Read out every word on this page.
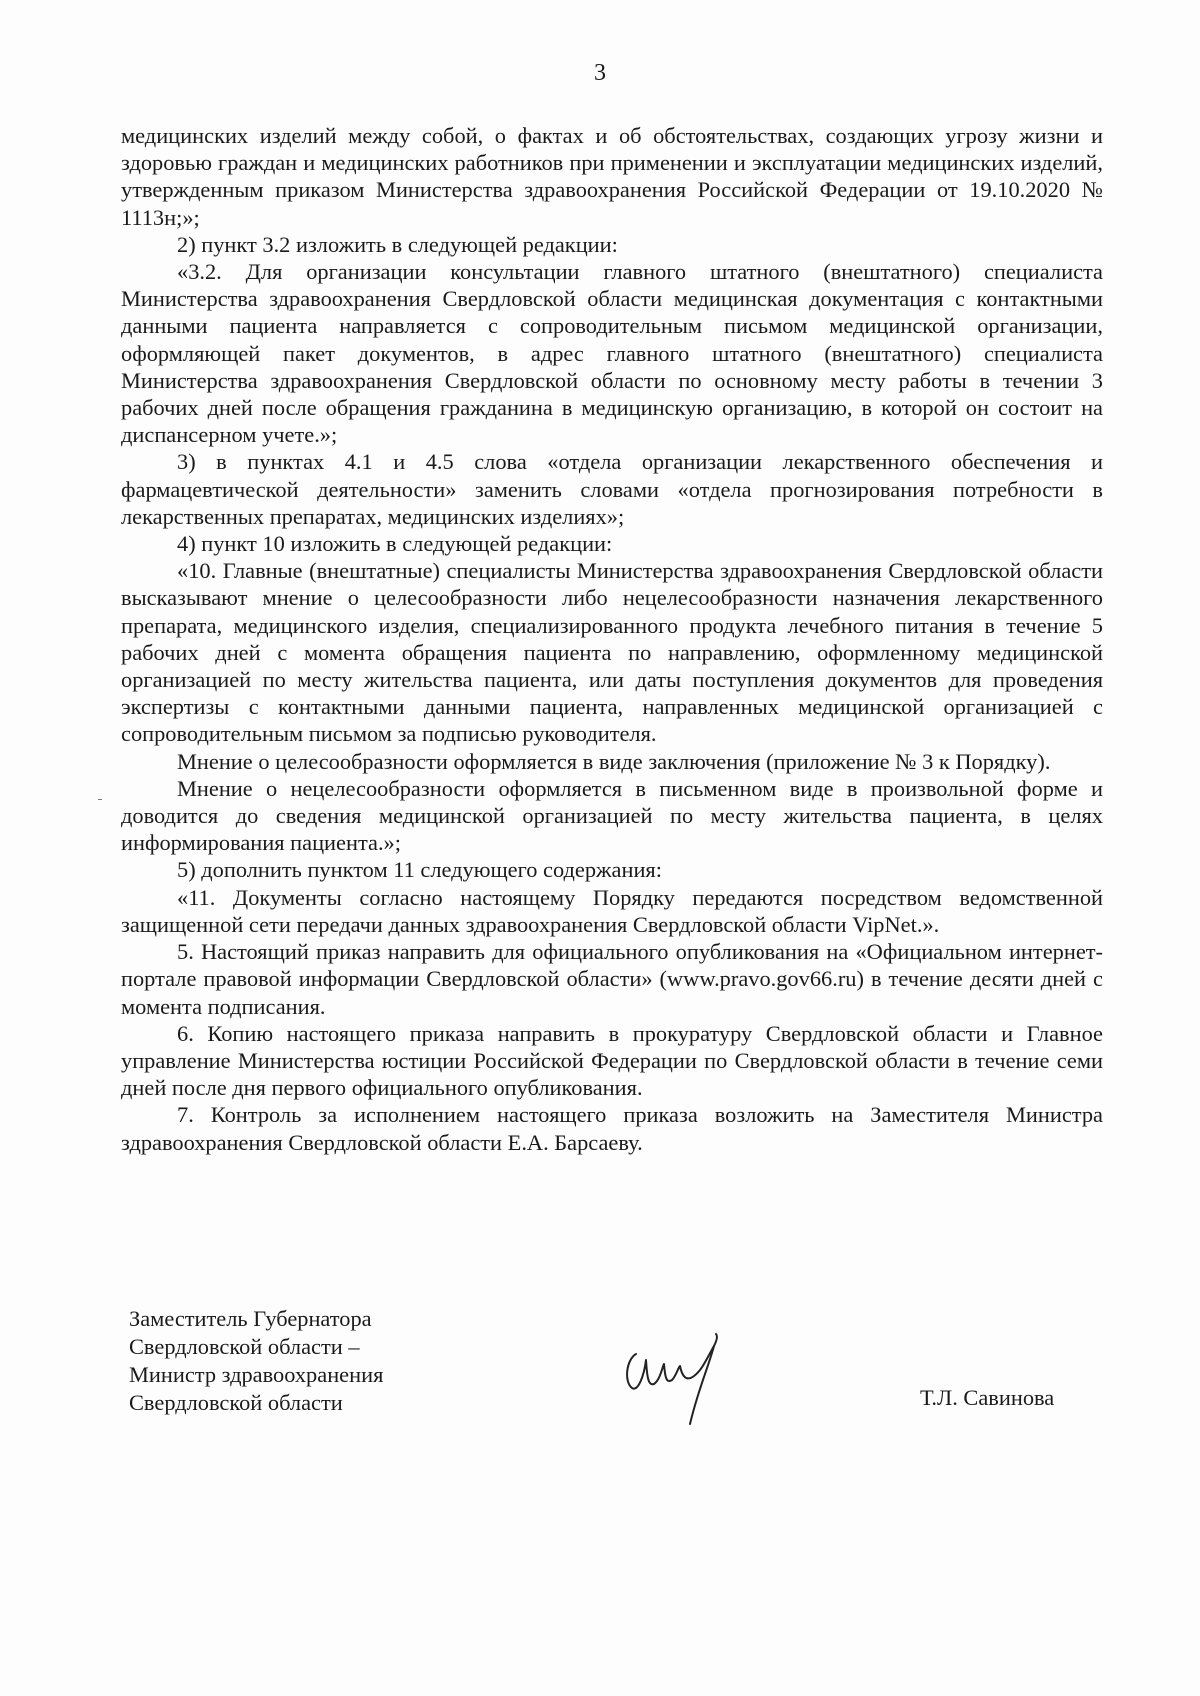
3

медицинских изделий между собой, о фактах и об обстоятельствах, создающих угрозу жизни и здоровью граждан и медицинских работников при применении и эксплуатации медицинских изделий, утвержденным приказом Министерства здравоохранения Российской Федерации от 19.10.2020 № 1113н;»;

2) пункт 3.2 изложить в следующей редакции:

«3.2. Для организации консультации главного штатного (внештатного) специалиста Министерства здравоохранения Свердловской области медицинская документация с контактными данными пациента направляется с сопроводительным письмом медицинской организации, оформляющей пакет документов, в адрес главного штатного (внештатного) специалиста Министерства здравоохранения Свердловской области по основному месту работы в течении 3 рабочих дней после обращения гражданина в медицинскую организацию, в которой он состоит на диспансерном учете.»;

3) в пунктах 4.1 и 4.5 слова «отдела организации лекарственного обеспечения и фармацевтической деятельности» заменить словами «отдела прогнозирования потребности в лекарственных препаратах, медицинских изделиях»;

4) пункт 10 изложить в следующей редакции:

«10. Главные (внештатные) специалисты Министерства здравоохранения Свердловской области высказывают мнение о целесообразности либо нецелесообразности назначения лекарственного препарата, медицинского изделия, специализированного продукта лечебного питания в течение 5 рабочих дней с момента обращения пациента по направлению, оформленному медицинской организацией по месту жительства пациента, или даты поступления документов для проведения экспертизы с контактными данными пациента, направленных медицинской организацией с сопроводительным письмом за подписью руководителя.

Мнение о целесообразности оформляется в виде заключения (приложение № 3 к Порядку).

Мнение о нецелесообразности оформляется в письменном виде в произвольной форме и доводится до сведения медицинской организацией по месту жительства пациента, в целях информирования пациента.»;

5) дополнить пунктом 11 следующего содержания:

«11. Документы согласно настоящему Порядку передаются посредством ведомственной защищенной сети передачи данных здравоохранения Свердловской области VipNet.».

5. Настоящий приказ направить для официального опубликования на «Официальном интернет-портале правовой информации Свердловской области» (www.pravo.gov66.ru) в течение десяти дней с момента подписания.

6. Копию настоящего приказа направить в прокуратуру Свердловской области и Главное управление Министерства юстиции Российской Федерации по Свердловской области в течение семи дней после дня первого официального опубликования.

7. Контроль за исполнением настоящего приказа возложить на Заместителя Министра здравоохранения Свердловской области Е.А. Барсаеву.

Заместитель Губернатора
Свердловской области –
Министр здравоохранения
Свердловской области	Т.Л. Савинова
